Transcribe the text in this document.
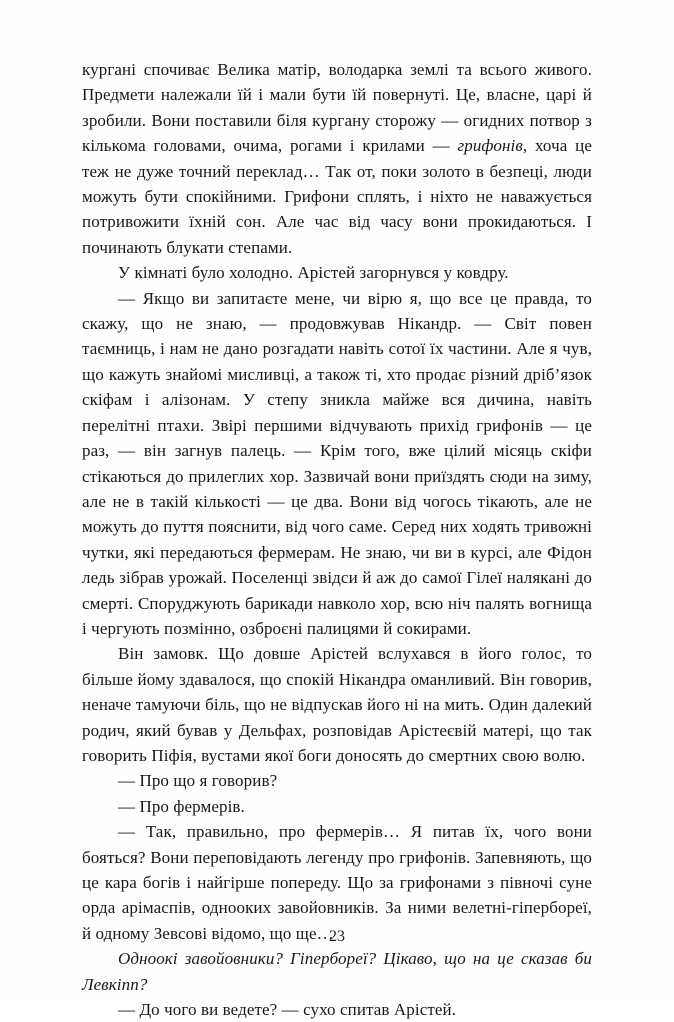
кургані спочиває Велика матір, володарка землі та всього живого. Предмети належали їй і мали бути їй повернуті. Це, власне, царі й зробили. Вони поставили біля кургану сторожу — огидних потвор з кількома головами, очима, рогами і крилами — грифонів, хоча це теж не дуже точний переклад… Так от, поки золото в безпеці, люди можуть бути спокійними. Грифони сплять, і ніхто не наважується потривожити їхній сон. Але час від часу вони прокидаються. І починають блукати степами.

У кімнаті було холодно. Арістей загорнувся у ковдру.

— Якщо ви запитаєте мене, чи вірю я, що все це правда, то скажу, що не знаю, — продовжував Нікандр. — Світ повен таємниць, і нам не дано розгадати навіть сотої їх частини. Але я чув, що кажуть знайомі мисливці, а також ті, хто продає різний дріб’язок скіфам і алізонам. У степу зникла майже вся дичина, навіть перелітні птахи. Звірі першими відчувають прихід грифонів — це раз, — він загнув палець. — Крім того, вже цілий місяць скіфи стікаються до прилеглих хор. Зазвичай вони приїздять сюди на зиму, але не в такій кількості — це два. Вони від чогось тікають, але не можуть до пуття пояснити, від чого саме. Серед них ходять тривожні чутки, які передаються фермерам. Не знаю, чи ви в курсі, але Фідон ледь зібрав урожай. Поселенці звідси й аж до самої Гілеї налякані до смерті. Споруджують барикади навколо хор, всю ніч палять вогнища і чергують позмінно, озброєні палицями й сокирами.

Він замовк. Що довше Арістей вслухався в його голос, то більше йому здавалося, що спокій Нікандра оманливий. Він говорив, неначе тамуючи біль, що не відпускав його ні на мить. Один далекий родич, який бував у Дельфах, розповідав Арістеєвій матері, що так говорить Піфія, вустами якої боги доносять до смертних свою волю.

— Про що я говорив?

— Про фермерів.

— Так, правильно, про фермерів… Я питав їх, чого вони бояться? Вони переповідають легенду про грифонів. Запевняють, що це кара богів і найгірше попереду. Що за грифонами з півночі суне орда арімаспів, однооких завойовників. За ними велетні-гіпербореї, й одному Зевсові відомо, що ще…

Одноокі завойовники? Гіпербореї? Цікаво, що на це сказав би Левкіпп?

— До чого ви ведете? — сухо спитав Арістей.

23
